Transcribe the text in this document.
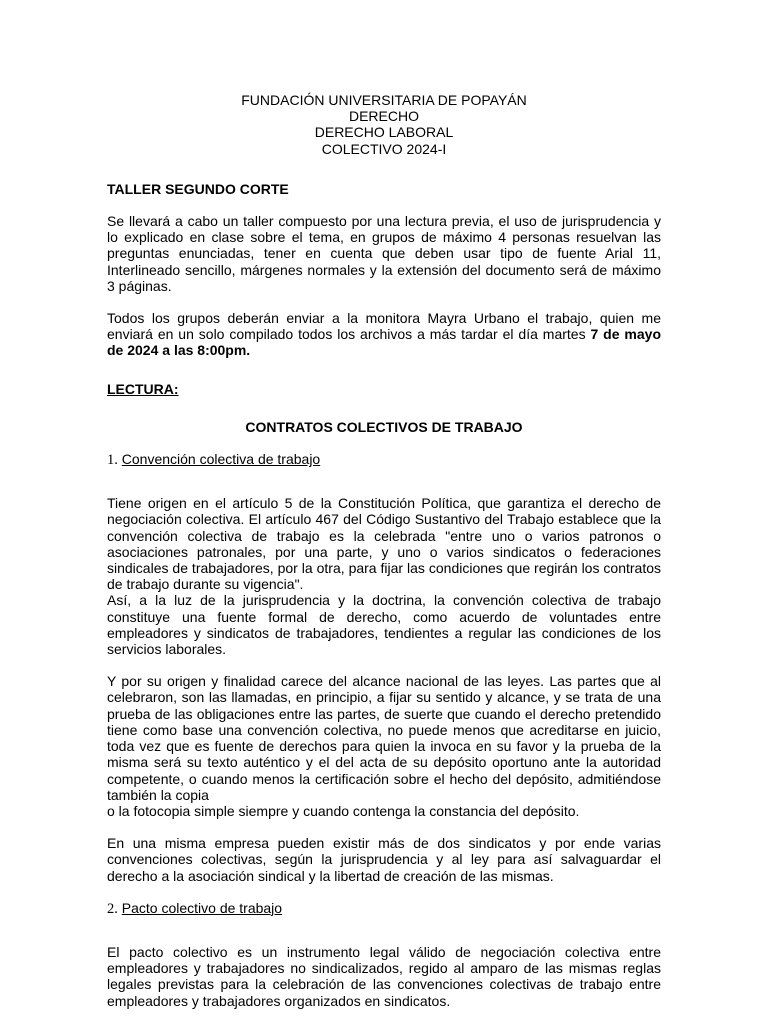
FUNDACIÓN UNIVERSITARIA DE POPAYÁN

DERECHO

DERECHO LABORAL

COLECTIVO 2024-I

TALLER SEGUNDO CORTE

Se llevará a cabo un taller compuesto por una lectura previa, el uso de jurisprudencia y lo explicado en clase sobre el tema, en grupos de máximo 4 personas resuelvan las preguntas enunciadas, tener en cuenta que deben usar tipo de fuente Arial 11, Interlineado sencillo, márgenes normales y la extensión del documento será de máximo 3 páginas.

Todos los grupos deberán enviar a la monitora Mayra Urbano el trabajo, quien me enviará en un solo compilado todos los archivos a más tardar el día martes 7 de mayo de 2024 a las 8:00pm.

LECTURA:

CONTRATOS COLECTIVOS DE TRABAJO

1. Convención colectiva de trabajo

Tiene origen en el artículo 5 de la Constitución Política, que garantiza el derecho de negociación colectiva. El artículo 467 del Código Sustantivo del Trabajo establece que la convención colectiva de trabajo es la celebrada "entre uno o varios patronos o asociaciones patronales, por una parte, y uno o varios sindicatos o federaciones sindicales de trabajadores, por la otra, para fijar las condiciones que regirán los contratos de trabajo durante su vigencia".

Así, a la luz de la jurisprudencia y la doctrina, la convención colectiva de trabajo constituye una fuente formal de derecho, como acuerdo de voluntades entre empleadores y sindicatos de trabajadores, tendientes a regular las condiciones de los servicios laborales.

Y por su origen y finalidad carece del alcance nacional de las leyes. Las partes que al celebraron, son las llamadas, en principio, a fijar su sentido y alcance, y se trata de una prueba de las obligaciones entre las partes, de suerte que cuando el derecho pretendido tiene como base una convención colectiva, no puede menos que acreditarse en juicio, toda vez que es fuente de derechos para quien la invoca en su favor y la prueba de la misma será su texto auténtico y el del acta de su depósito oportuno ante la autoridad competente, o cuando menos la certificación sobre el hecho del depósito, admitiéndose también la copia

o la fotocopia simple siempre y cuando contenga la constancia del depósito.

En una misma empresa pueden existir más de dos sindicatos y por ende varias convenciones colectivas, según la jurisprudencia y al ley para así salvaguardar el derecho a la asociación sindical y la libertad de creación de las mismas.

2. Pacto colectivo de trabajo

El pacto colectivo es un instrumento legal válido de negociación colectiva entre empleadores y trabajadores no sindicalizados, regido al amparo de las mismas reglas legales previstas para la celebración de las convenciones colectivas de trabajo entre empleadores y trabajadores organizados en sindicatos.
